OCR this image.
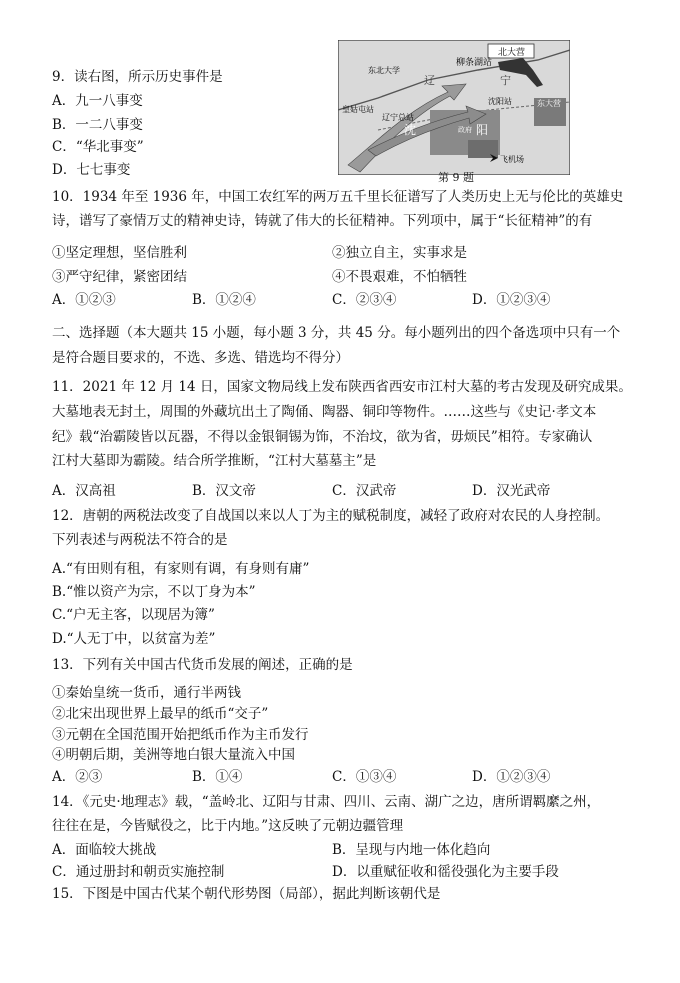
9．读右图，所示历史事件是
A．九一八事变
B．一二八事变
C．“华北事变”
D．七七事变
北大营
柳条湖站
东北大学
辽	宁
皇姑屯站
辽宁总站
沈阳站	东大营
沈	阳
政府
飞机场
第 9 题
10．1934 年至 1936 年，中国工农红军的两万五千里长征谱写了人类历史上无与伦比的英雄史
诗，谱写了豪情万丈的精神史诗，铸就了伟大的长征精神。下列项中，属于“长征精神”的有
①坚定理想，坚信胜利	②独立自主，实事求是
③严守纪律，紧密团结	④不畏艰难，不怕牺牲
A．①②③	B．①②④	C．②③④	D．①②③④
二、选择题（本大题共 15 小题，每小题 3 分，共 45 分。每小题列出的四个备选项中只有一个
是符合题目要求的，不选、多选、错选均不得分）
11．2021 年 12 月 14 日，国家文物局线上发布陕西省西安市江村大墓的考古发现及研究成果。
大墓地表无封土，周围的外藏坑出土了陶俑、陶器、铜印等物件。……这些与《史记·孝文本
纪》载“治霸陵皆以瓦器，不得以金银铜锡为饰，不治坟，欲为省，毋烦民”相符。专家确认
江村大墓即为霸陵。结合所学推断，“江村大墓墓主”是
A．汉高祖	B．汉文帝	C．汉武帝	D．汉光武帝
12．唐朝的两税法改变了自战国以来以人丁为主的赋税制度，减轻了政府对农民的人身控制。
下列表述与两税法不符合的是
A.“有田则有租，有家则有调，有身则有庸”
B.“惟以资产为宗，不以丁身为本”
C.“户无主客，以现居为簿”
D.“人无丁中，以贫富为差”
13．下列有关中国古代货币发展的阐述，正确的是
①秦始皇统一货币，通行半两钱
②北宋出现世界上最早的纸币“交子”
③元朝在全国范围开始把纸币作为主币发行
④明朝后期，美洲等地白银大量流入中国
A．②③	B．①④	C．①③④	D．①②③④
14．《元史·地理志》载，“盖岭北、辽阳与甘肃、四川、云南、湖广之边，唐所谓羁縻之州，
往往在是，今皆赋役之，比于内地。”这反映了元朝边疆管理
A．面临较大挑战	B．呈现与内地一体化趋向
C．通过册封和朝贡实施控制	D．以重赋征收和徭役强化为主要手段
15．下图是中国古代某个朝代形势图（局部），据此判断该朝代是
